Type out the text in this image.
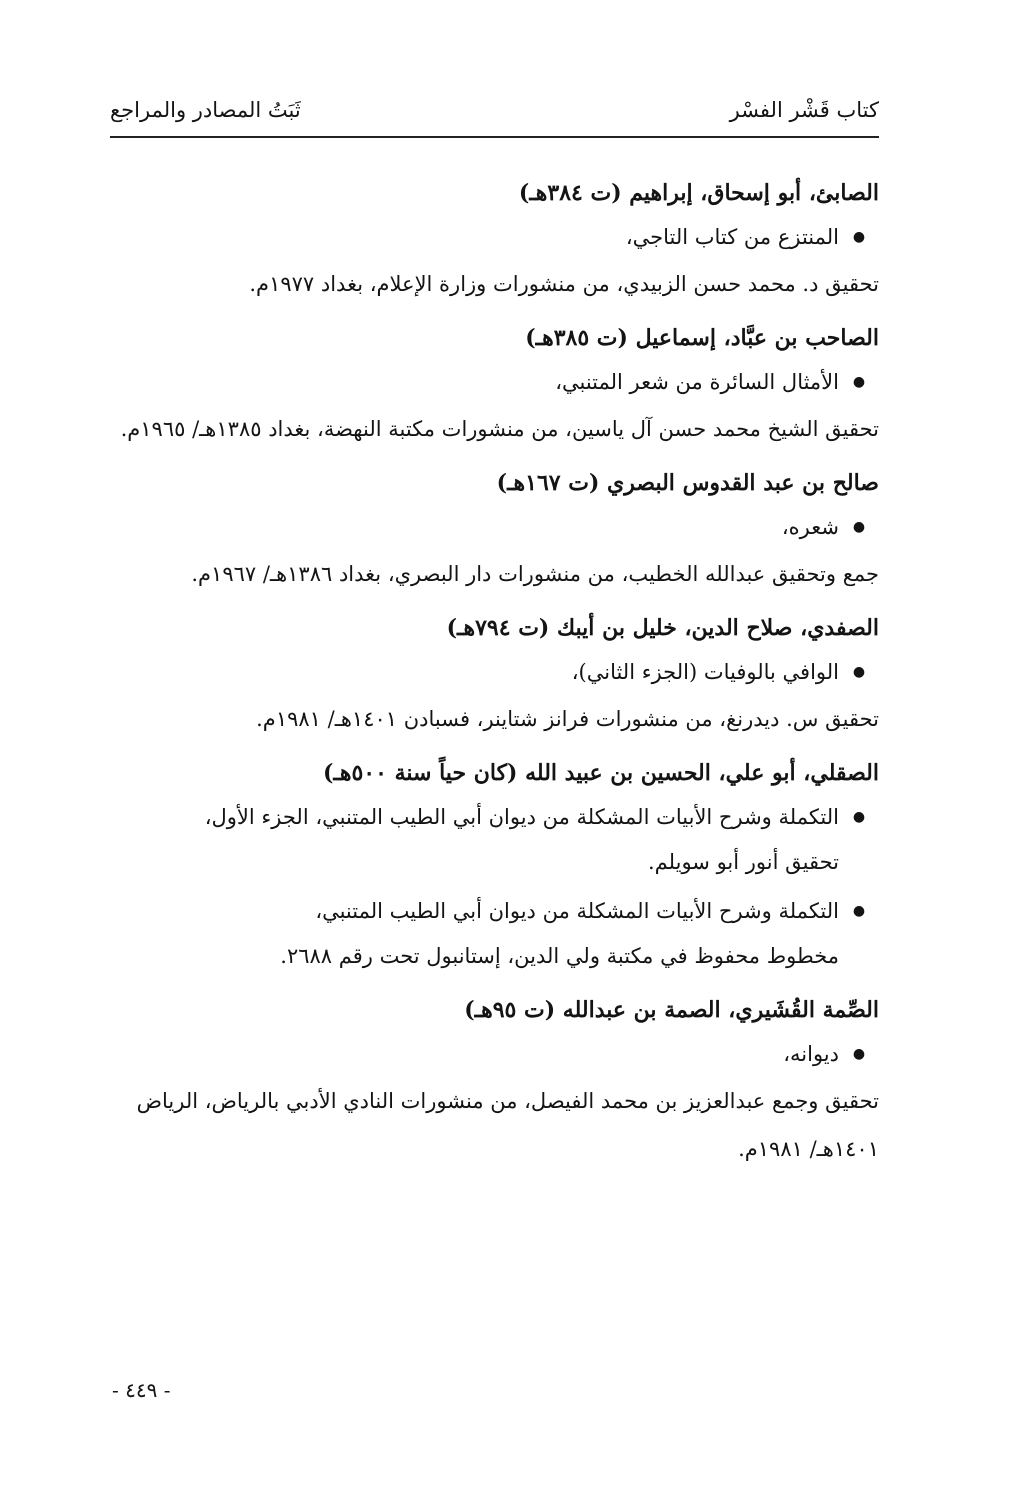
كتاب قَشْر الفسْر
ثَبَتُ المصادر والمراجع
الصابئ، أبو إسحاق، إبراهيم (ت ٣٨٤هـ)
●
المنتزع من كتاب التاجي،

تحقيق د. محمد حسن الزبيدي، من منشورات وزارة الإعلام، بغداد ١٩٧٧م.

الصاحب بن عبَّاد، إسماعيل (ت ٣٨٥هـ)
●
الأمثال السائرة من شعر المتنبي،

تحقيق الشيخ محمد حسن آل ياسين، من منشورات مكتبة النهضة، بغداد ١٣٨٥هـ/ ١٩٦٥م.

صالح بن عبد القدوس البصري (ت ١٦٧هـ)
●
شعره،

جمع وتحقيق عبدالله الخطيب، من منشورات دار البصري، بغداد ١٣٨٦هـ/ ١٩٦٧م.

الصفدي، صلاح الدين، خليل بن أيبك (ت ٧٩٤هـ)
●
الوافي بالوفيات (الجزء الثاني)،

تحقيق س. ديدرنغ، من منشورات فرانز شتاينر، فسبادن ١٤٠١هـ/ ١٩٨١م.

الصقلي، أبو علي، الحسين بن عبيد الله (كان حياً سنة ٥٠٠هـ)
●
التكملة وشرح الأبيات المشكلة من ديوان أبي الطيب المتنبي، الجزء الأول،

تحقيق أنور أبو سويلم.

●
التكملة وشرح الأبيات المشكلة من ديوان أبي الطيب المتنبي،

مخطوط محفوظ في مكتبة ولي الدين، إستانبول تحت رقم ٢٦٨٨.

الصِّمة القُشَيري، الصمة بن عبدالله (ت ٩٥هـ)
●
ديوانه،

تحقيق وجمع عبدالعزيز بن محمد الفيصل، من منشورات النادي الأدبي بالرياض، الرياض ١٤٠١هـ/ ١٩٨١م.

- ٤٤٩ -
